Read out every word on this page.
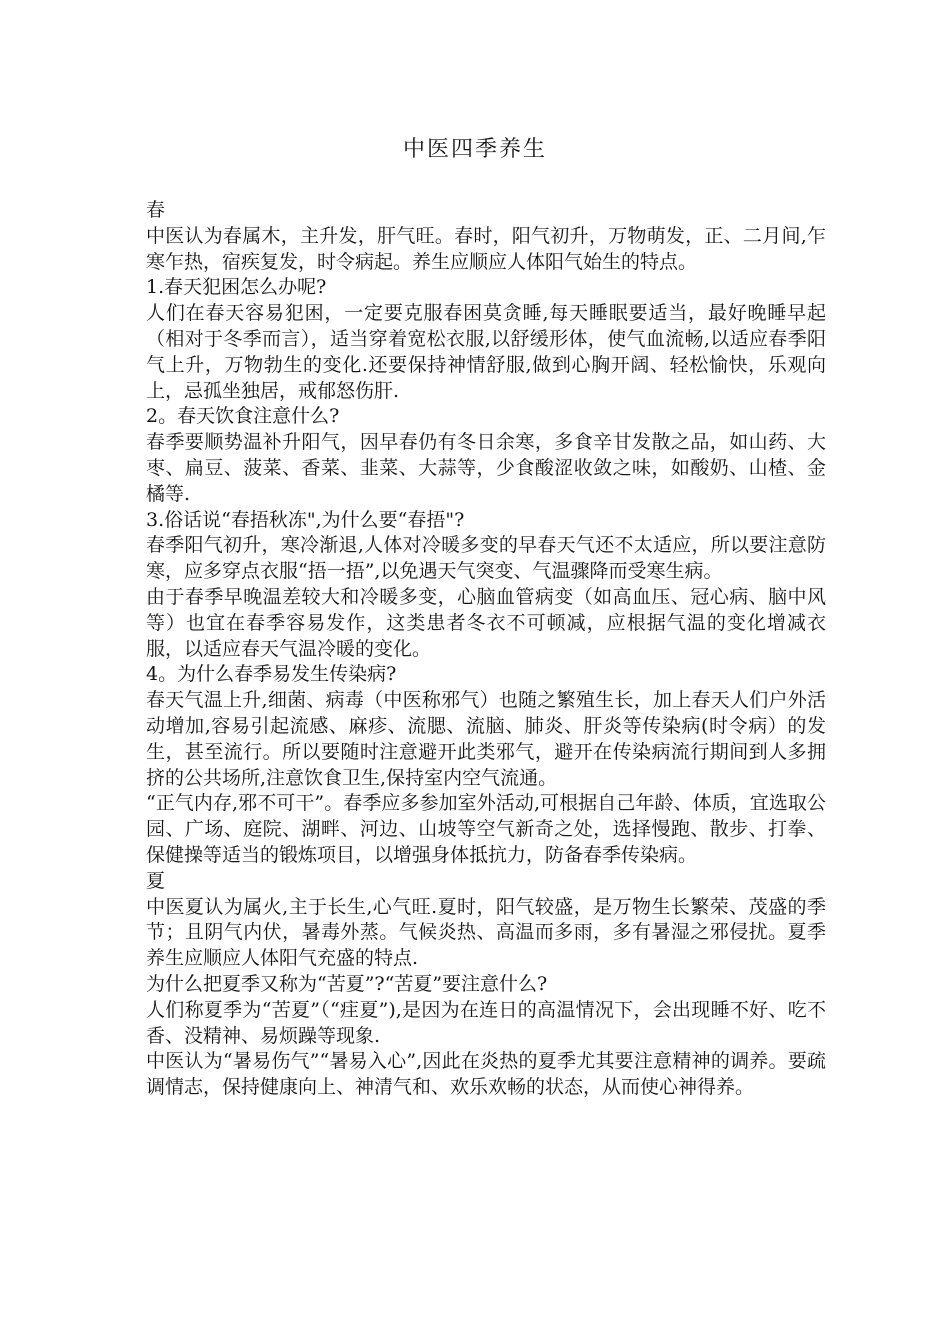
中医四季养生

春

中医认为春属木，主升发，肝气旺。春时，阳气初升，万物萌发，正、二月间,乍寒乍热，宿疾复发，时令病起。养生应顺应人体阳气始生的特点。

1.春天犯困怎么办呢?

人们在春天容易犯困，一定要克服春困莫贪睡,每天睡眠要适当，最好晚睡早起（相对于冬季而言），适当穿着宽松衣服,以舒缓形体，使气血流畅,以适应春季阳气上升，万物勃生的变化.还要保持神情舒服,做到心胸开阔、轻松愉快，乐观向上，忌孤坐独居，戒郁怒伤肝.

2。春天饮食注意什么?

春季要顺势温补升阳气，因早春仍有冬日余寒，多食辛甘发散之品，如山药、大枣、扁豆、菠菜、香菜、韭菜、大蒜等，少食酸涩收敛之味，如酸奶、山楂、金橘等.

3.俗话说“春捂秋冻",为什么要“春捂"?

春季阳气初升，寒冷渐退,人体对冷暖多变的早春天气还不太适应，所以要注意防寒，应多穿点衣服“捂一捂”,以免遇天气突变、气温骤降而受寒生病。

由于春季早晚温差较大和冷暖多变，心脑血管病变（如高血压、冠心病、脑中风等）也宜在春季容易发作，这类患者冬衣不可顿减，应根据气温的变化增减衣服，以适应春天气温冷暖的变化。

4。为什么春季易发生传染病?

春天气温上升,细菌、病毒（中医称邪气）也随之繁殖生长，加上春天人们户外活动增加,容易引起流感、麻疹、流腮、流脑、肺炎、肝炎等传染病(时令病）的发生，甚至流行。所以要随时注意避开此类邪气，避开在传染病流行期间到人多拥挤的公共场所,注意饮食卫生,保持室内空气流通。

“正气内存,邪不可干”。春季应多参加室外活动,可根据自己年龄、体质，宜选取公园、广场、庭院、湖畔、河边、山坡等空气新奇之处，选择慢跑、散步、打拳、保健操等适当的锻炼项目，以增强身体抵抗力，防备春季传染病。

夏

中医夏认为属火,主于长生,心气旺.夏时，阳气较盛，是万物生长繁荣、茂盛的季节；且阴气内伏，暑毒外蒸。气候炎热、高温而多雨，多有暑湿之邪侵扰。夏季养生应顺应人体阳气充盛的特点.

为什么把夏季又称为“苦夏”?“苦夏”要注意什么?

人们称夏季为“苦夏”（“疰夏”),是因为在连日的高温情况下，会出现睡不好、吃不香、没精神、易烦躁等现象.

中医认为“暑易伤气”“暑易入心”,因此在炎热的夏季尤其要注意精神的调养。要疏调情志，保持健康向上、神清气和、欢乐欢畅的状态，从而使心神得养。
